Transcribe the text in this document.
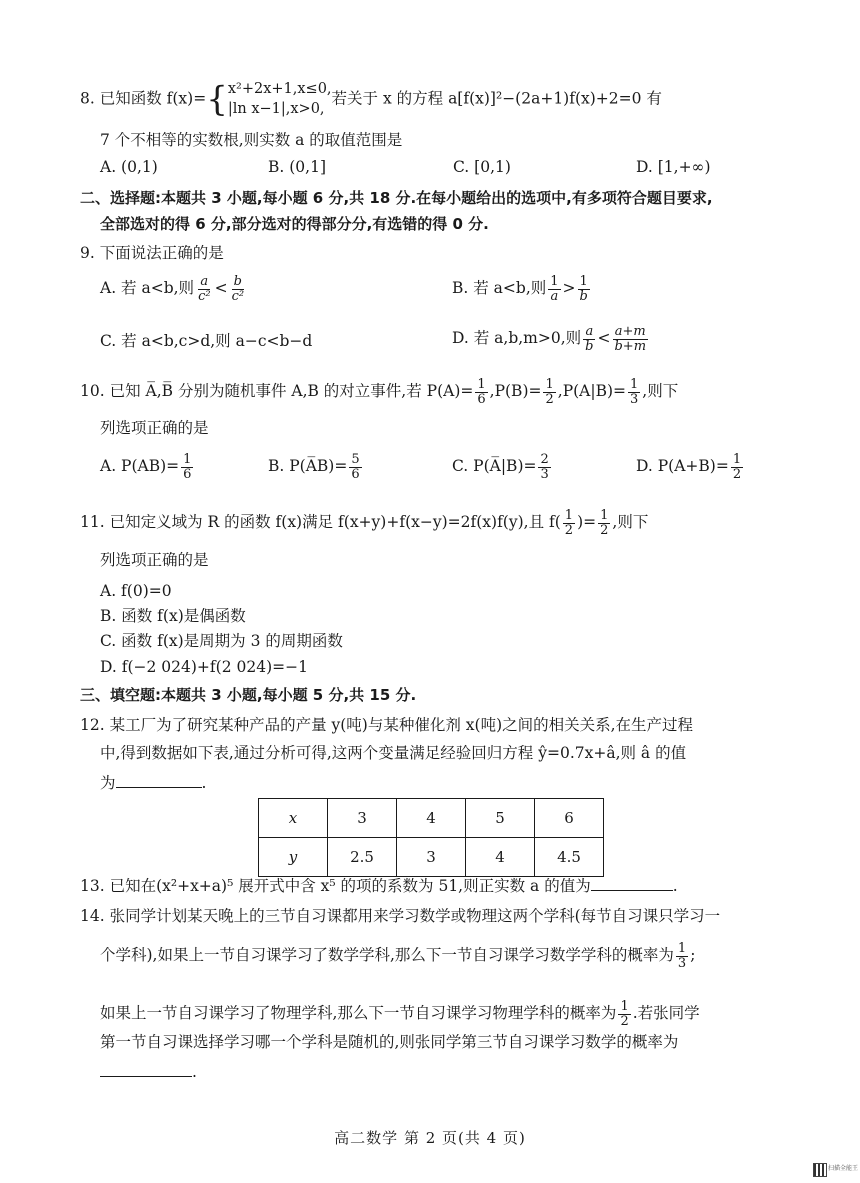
8. 已知函数 f(x)={ x²+2x+1,x≤0,
|ln x−1|,x>0,
若关于 x 的方程 a[f(x)]²−(2a+1)f(x)+2=0 有
7 个不相等的实数根,则实数 a 的取值范围是
A. (0,1)	B. (0,1]	C. [0,1)	D. [1,+∞)
二、选择题:本题共 3 小题,每小题 6 分,共 18 分.在每小题给出的选项中,有多项符合题目要求,
全部选对的得 6 分,部分选对的得部分分,有选错的得 0 分.
9. 下面说法正确的是
A. 若 a<b,则 $\frac{a}{\text{c²}} < \frac{b}{\text{c²}}$	B. 若 a<b,则 $\frac{1}{a} > \frac{1}{b}$
C. 若 a<b,c>d,则 a−c<b−d	D. 若 a,b,m>0,则 $\frac{a}{b} < \frac{a+m}{b+m}$
10. 已知 A̅,B̅ 分别为随机事件 A,B 的对立事件,若 $P(A)= \frac{1}{6} ,P(B)= \frac{1}{2} ,P(A|B)= \frac{1}{3}$ ,则下
列选项正确的是
A. $P(AB)= \frac{1}{6}$	B. P(A̅B)= $\frac{5}{6}$	C. P(A̅|B)= $\frac{2}{3}$	D. $P(A+B)= \frac{1}{2}$
11. 已知定义域为 R 的函数 f(x)满足 f(x+y)+f(x−y)=2f(x)f(y),且 $f( \frac{1}{2}$ )= $\frac{1}{2}$ ,则下
列选项正确的是
A. f(0)=0
B. 函数 f(x)是偶函数
C. 函数 f(x)是周期为 3 的周期函数
D. f(−2 024)+f(2 024)=−1
三、填空题:本题共 3 小题,每小题 5 分,共 15 分.
12. 某工厂为了研究某种产品的产量 y(吨)与某种催化剂 x(吨)之间的相关关系,在生产过程
中,得到数据如下表,通过分析可得,这两个变量满足经验回归方程 ŷ=0.7x+â,则 â 的值
为	.
x	3	4	5	6
y	2.5	3	4	4.5
13. 已知在(x²+x+a)⁵ 展开式中含 x⁵ 的项的系数为 51,则正实数 a 的值为	.
14. 张同学计划某天晚上的三节自习课都用来学习数学或物理这两个学科(每节自习课只学习一
个学科),如果上一节自习课学习了数学学科,那么下一节自习课学习数学学科的概率为 $\frac{1}{3}$ ;
如果上一节自习课学习了物理学科,那么下一节自习课学习物理学科的概率为 $\frac{1}{2}$ .若张同学
第一节自习课选择学习哪一个学科是随机的,则张同学第三节自习课学习数学的概率为
.
高二数学 第 2 页(共 4 页)
扫描全能王
